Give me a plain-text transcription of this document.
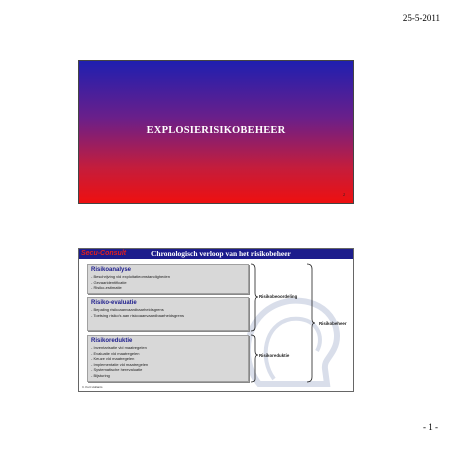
25-5-2011
EXPLOSIERISIKOBEHEER
2
Secu-Consult	Chronologisch verloop van het risikobeheer
Risikoanalyse
- Beschrijving vld exploitatieomstandigheden
- Gevaaridentificatie
- Risiko-estimatie
Risiko-evaluatie
- Bepaling risikoaanvaardbaarheidsgrens
- Toetsing risiko's aan risicoaanvaardbaarheidsgrens
Risikoreduktie
- Inventarisatie vld maatregelen
- Evaluatie vld maatregelen
- Keuze vld maatregelen
- Implementatie vld maatregelen
- Systematische herevaluatie
- Bijsturing
Risikobeoordeling
Risikoreduktie
Risikobeheer
Ir. Kurt Hollants
- 1 -
